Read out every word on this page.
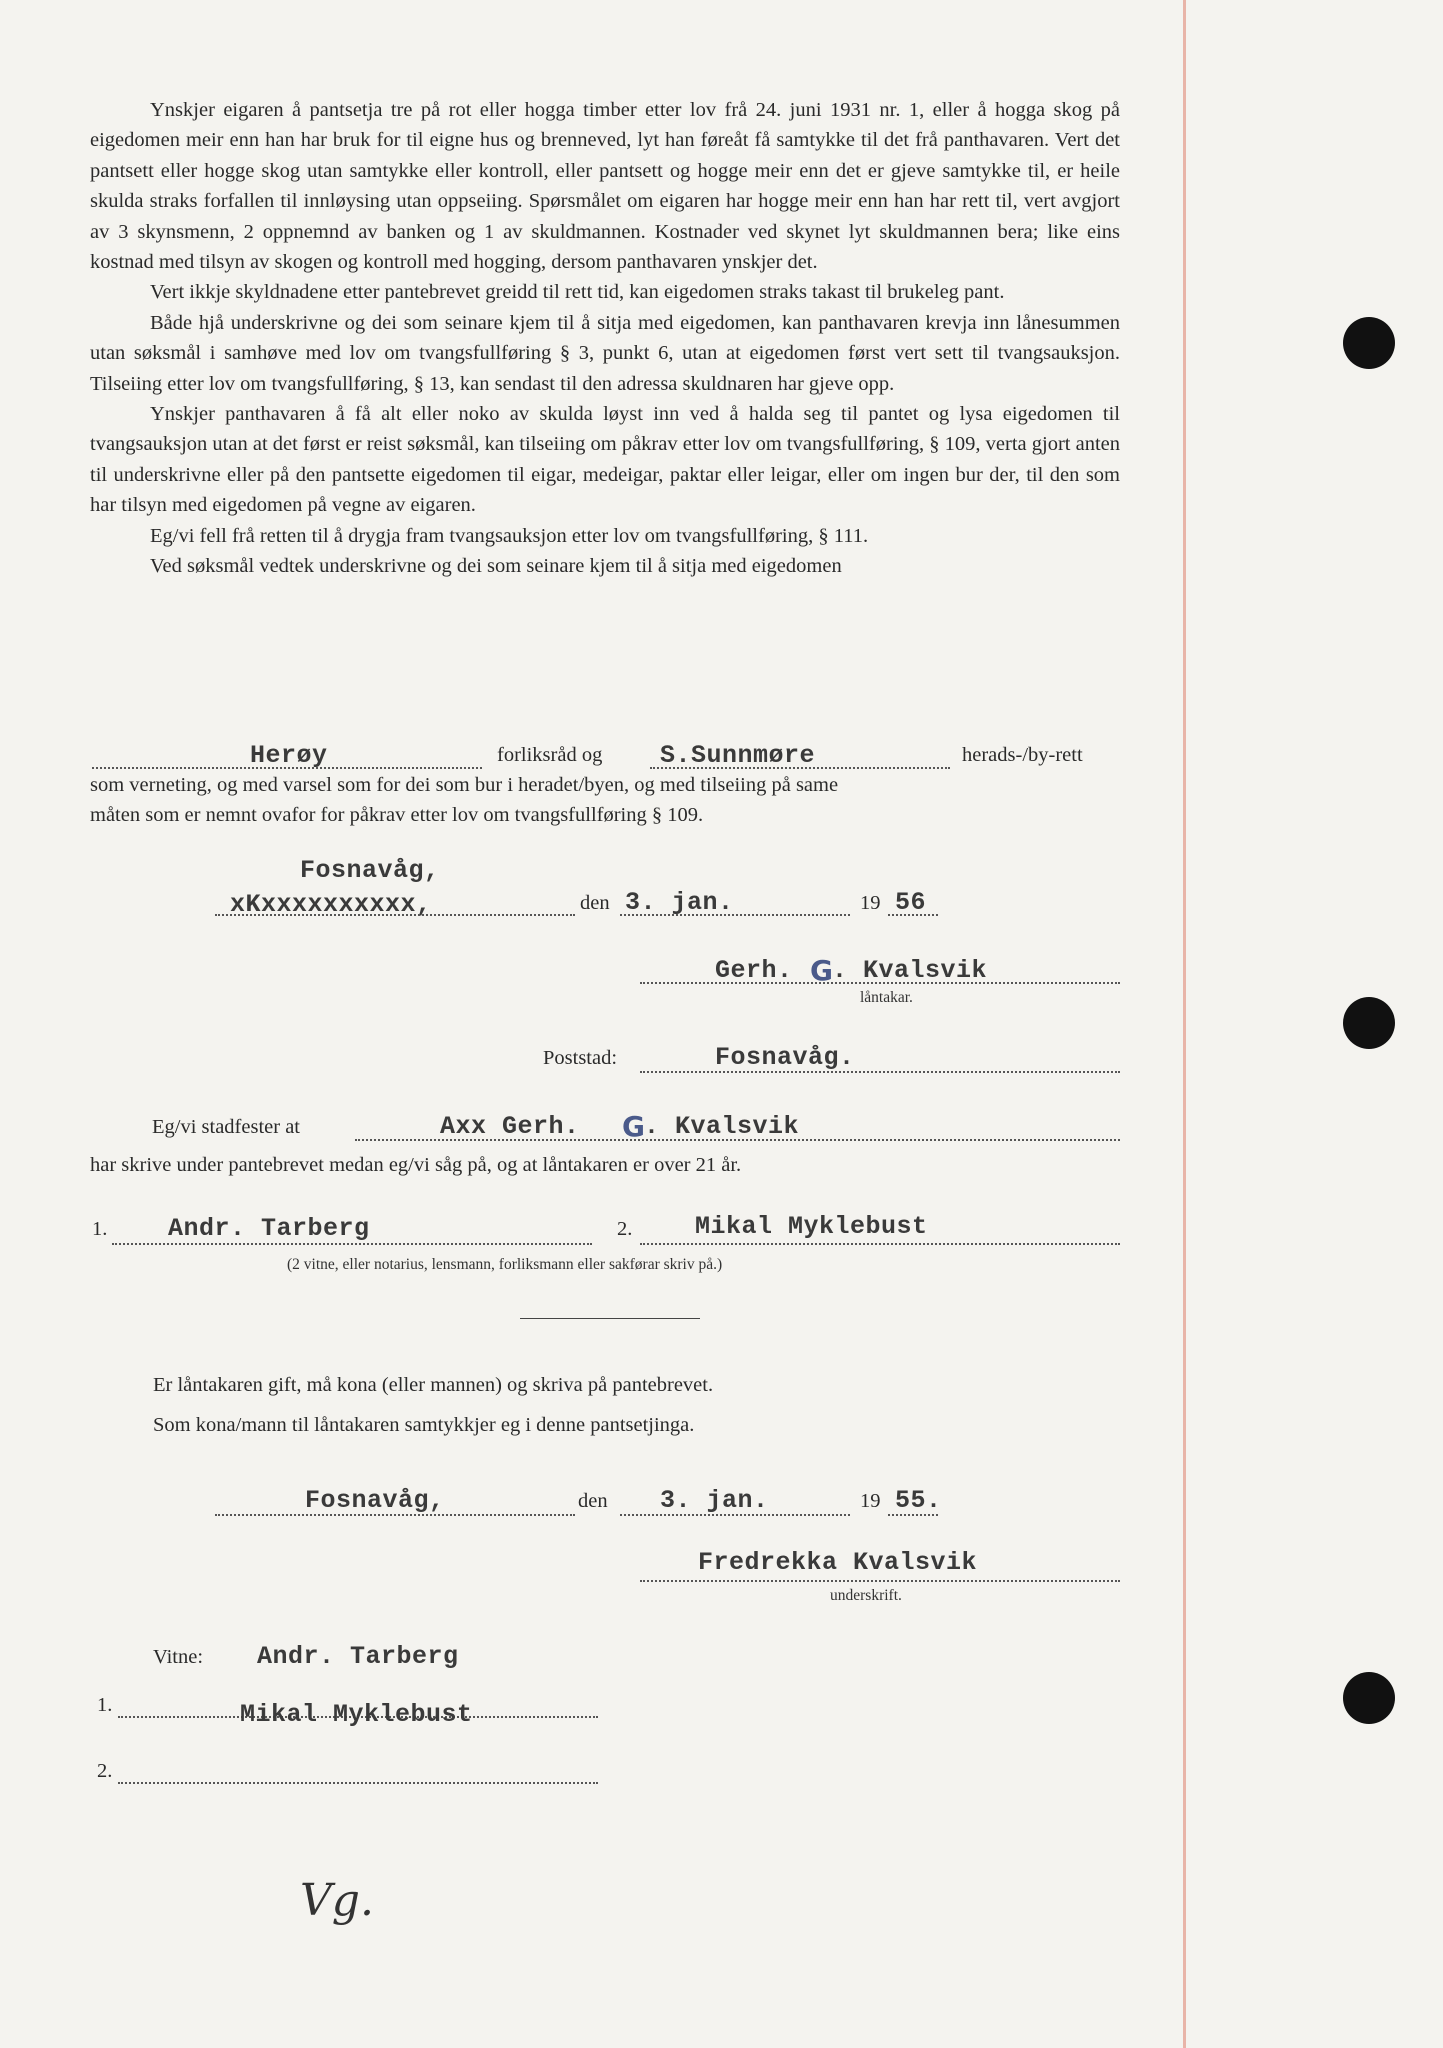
Ynskjer eigaren å pantsetja tre på rot eller hogga timber etter lov frå 24. juni 1931 nr. 1, eller å hogga skog på eigedomen meir enn han har bruk for til eigne hus og brenneved, lyt han føreåt få samtykke til det frå panthavaren. Vert det pantsett eller hogge skog utan samtykke eller kontroll, eller pantsett og hogge meir enn det er gjeve samtykke til, er heile skulda straks forfallen til innløysing utan oppseiing. Spørsmålet om eigaren har hogge meir enn han har rett til, vert avgjort av 3 skynsmenn, 2 oppnemnd av banken og 1 av skuldmannen. Kostnader ved skynet lyt skuldmannen bera; like eins kostnad med tilsyn av skogen og kontroll med hogging, dersom panthavaren ynskjer det.

Vert ikkje skyldnadene etter pantebrevet greidd til rett tid, kan eigedomen straks takast til brukeleg pant.

Både hjå underskrivne og dei som seinare kjem til å sitja med eigedomen, kan panthavaren krevja inn lånesummen utan søksmål i samhøve med lov om tvangsfullføring § 3, punkt 6, utan at eigedomen først vert sett til tvangsauksjon. Tilseiing etter lov om tvangsfullføring, § 13, kan sendast til den adressa skuldnaren har gjeve opp.

Ynskjer panthavaren å få alt eller noko av skulda løyst inn ved å halda seg til pantet og lysa eigedomen til tvangsauksjon utan at det først er reist søksmål, kan tilseiing om påkrav etter lov om tvangsfullføring, § 109, verta gjort anten til underskrivne eller på den pantsette eigedomen til eigar, medeigar, paktar eller leigar, eller om ingen bur der, til den som har tilsyn med eigedomen på vegne av eigaren.

Eg/vi fell frå retten til å drygja fram tvangsauksjon etter lov om tvangsfullføring, § 111.

Ved søksmål vedtek underskrivne og dei som seinare kjem til å sitja med eigedomen

Herøy	forliksråd og S.Sunnmøre	herads-/by-rett
som verneting, og med varsel som for dei som bur i heradet/byen, og med tilseiing på same
måten som er nemnt ovafor for påkrav etter lov om tvangsfullføring § 109.
Fosnavåg,
xKxxxxxxxxxx,	den 3. jan.	19 56
Gerh. G . Kvalsvik
låntakar.
Poststad:	Fosnavåg.
Eg/vi stadfester at	Axx Gerh. G . Kvalsvik
har skrive under pantebrevet medan eg/vi såg på, og at låntakaren er over 21 år.
1. Andr. Tarberg	2.	Mikal Myklebust
(2 vitne, eller notarius, lensmann, forliksmann eller sakførar skriv på.)
Er låntakaren gift, må kona (eller mannen) og skriva på pantebrevet.
Som kona/mann til låntakaren samtykkjer eg i denne pantsetjinga.
Fosnavåg,	den 3. jan.	19 55.
Fredrekka Kvalsvik
underskrift.
Vitne: Andr. Tarberg
1.	Mikal Myklebust
2.
Vg.
